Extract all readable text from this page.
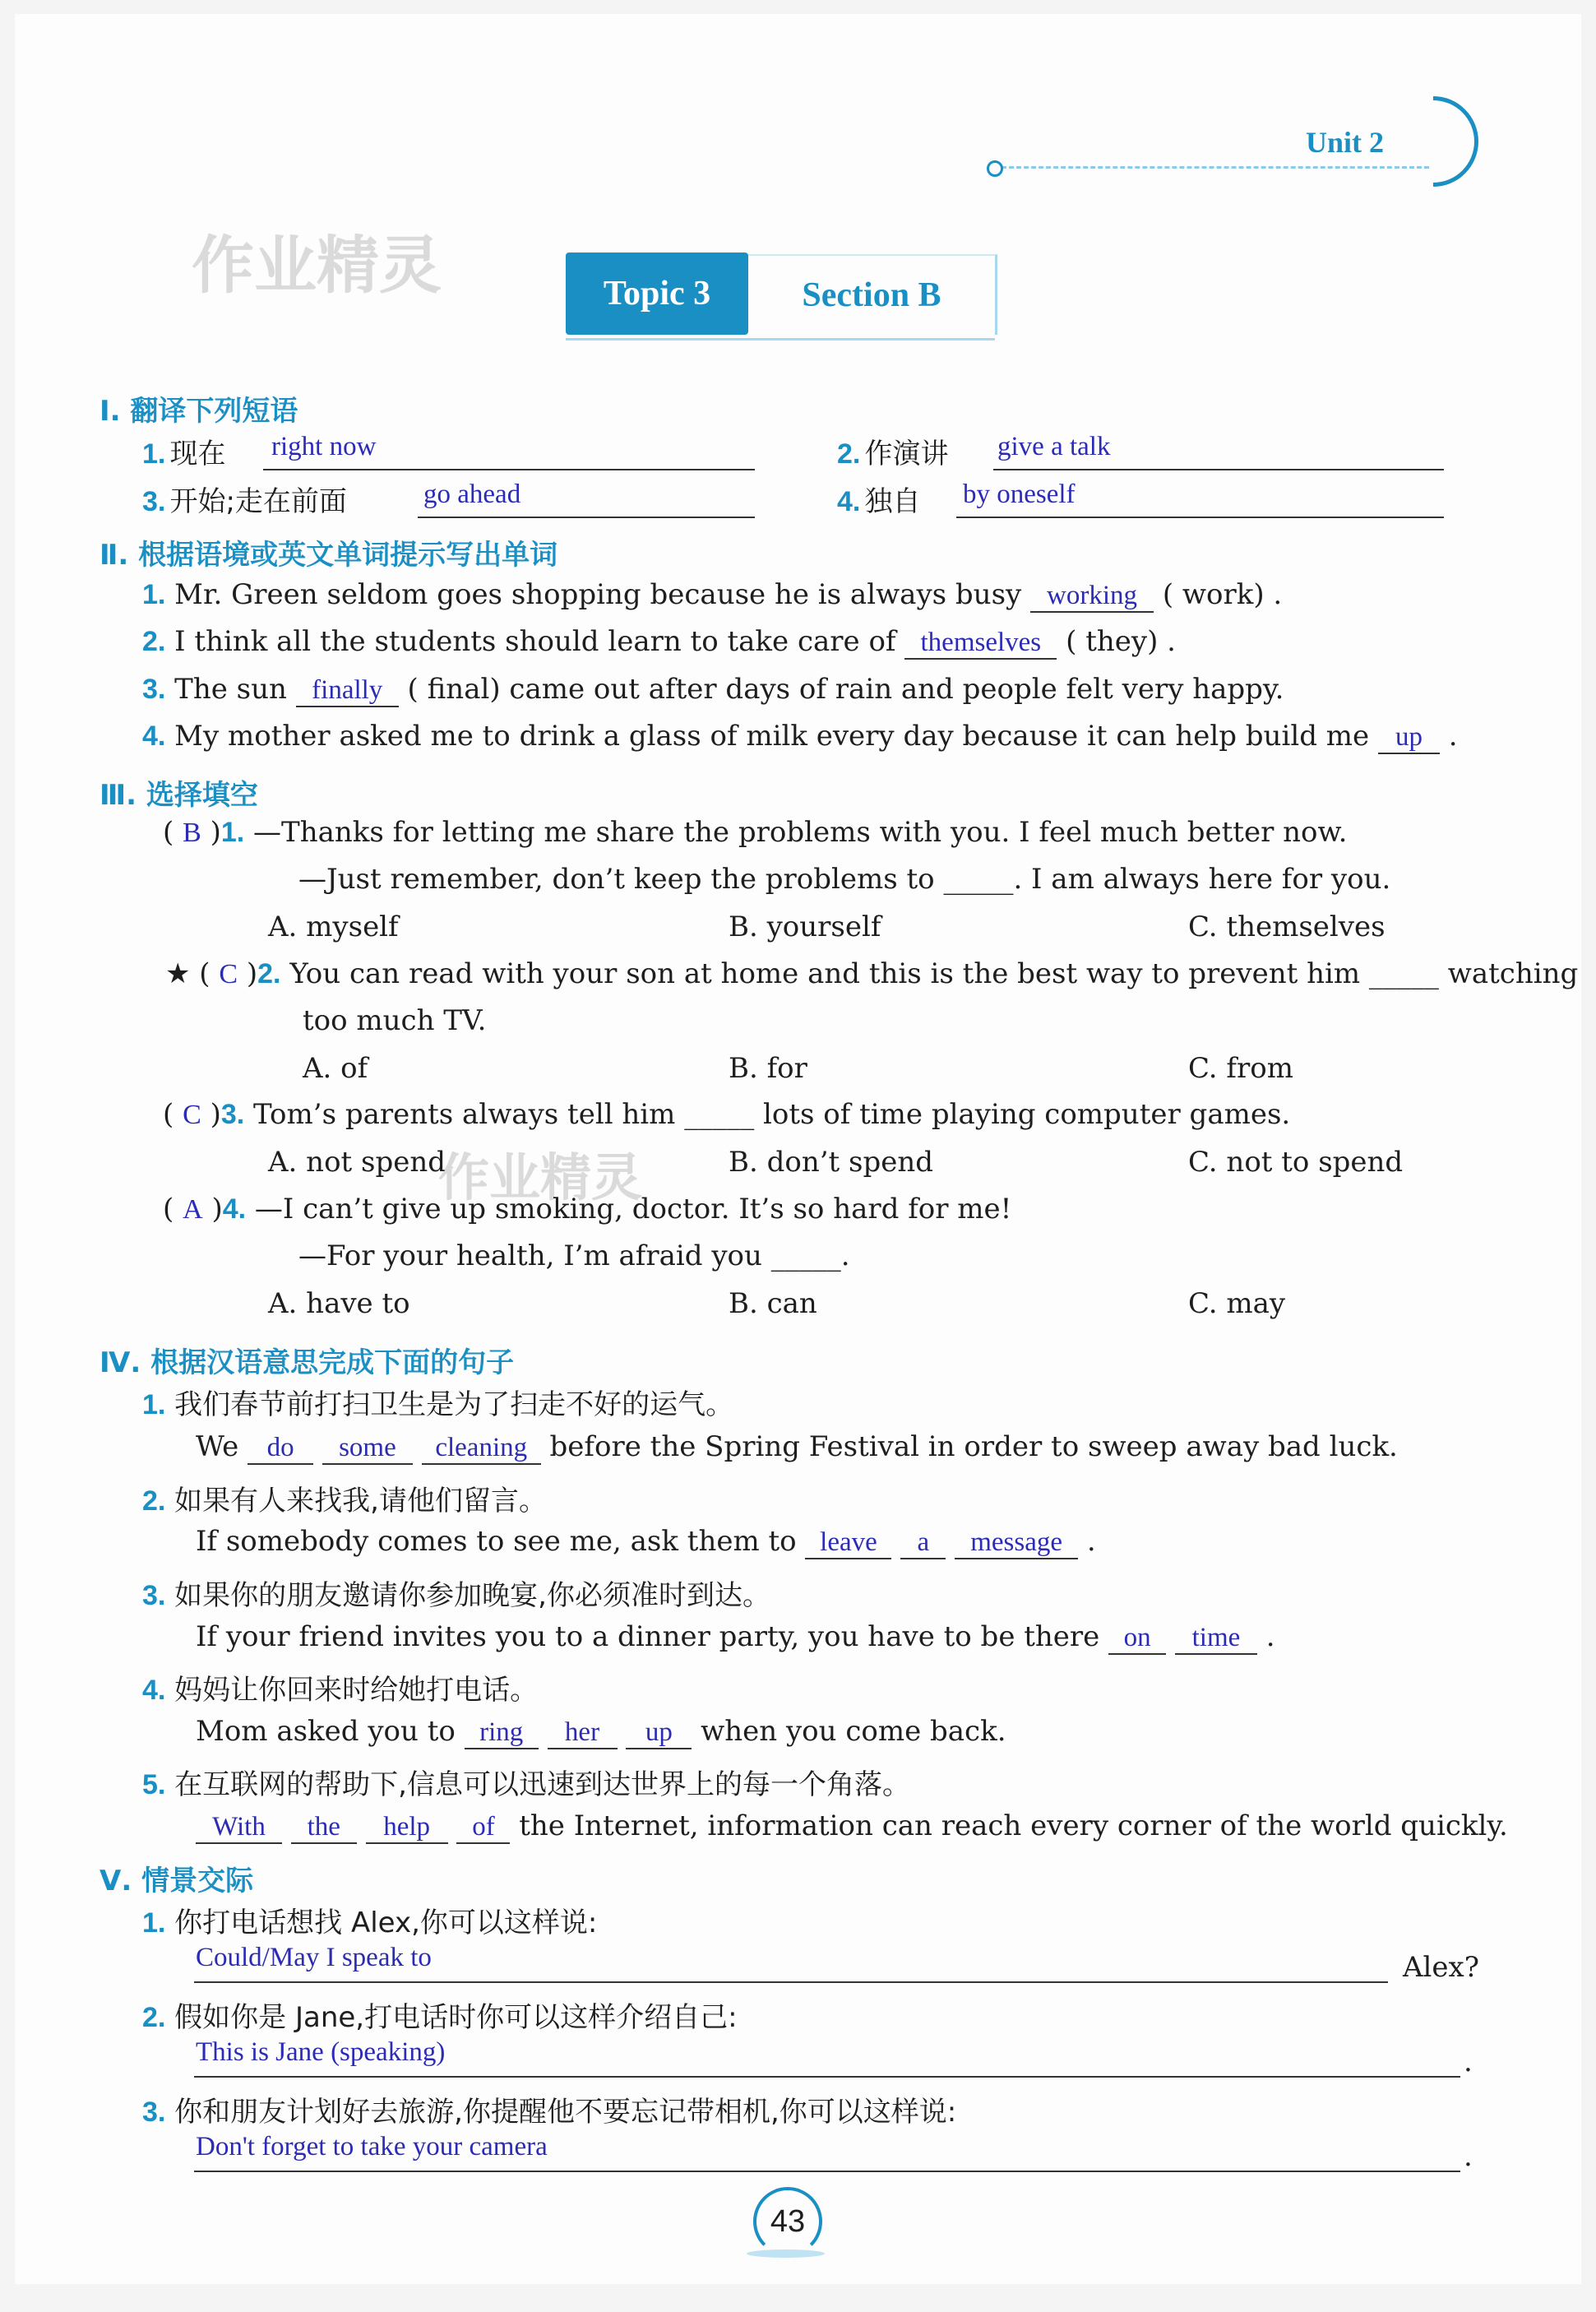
Unit 2
作业精灵	Topic 3	Section B
Ⅰ. 翻译下列短语
1. 现在 right now	2. 作演讲 give a talk
3. 开始;走在前面	go ahead	4. 独自 by oneself
Ⅱ. 根据语境或英文单词提示写出单词
1. Mr. Green seldom goes shopping because he is always busy working ( work) .
2. I think all the students should learn to take care of themselves ( they) .
3. The sun finally ( final) came out after days of rain and people felt very happy.
4. My mother asked me to drink a glass of milk every day because it can help build me up .
Ⅲ. 选择填空
( B )1. —Thanks for letting me share the problems with you. I feel much better now.
—Just remember, don’t keep the problems to _____. I am always here for you.
A. myself	B. yourself	C. themselves
★ ( C )2. You can read with your son at home and this is the best way to prevent him _____ watching
too much TV.
A. of	B. for	C. from
( C )3. Tom’s parents always tell him _____ lots of time playing computer games.
A. not spend	B. don’t spend	C. not to spend
作业精灵
( A )4. —I can’t give up smoking, doctor. It’s so hard for me!
—For your health, I’m afraid you _____.
A. have to	B. can	C. may
Ⅳ. 根据汉语意思完成下面的句子
1. 我们春节前打扫卫生是为了扫走不好的运气。
We do some cleaning before the Spring Festival in order to sweep away bad luck.
2. 如果有人来找我,请他们留言。
If somebody comes to see me, ask them to leave a message .
3. 如果你的朋友邀请你参加晚宴,你必须准时到达。
If your friend invites you to a dinner party, you have to be there on time .
4. 妈妈让你回来时给她打电话。
Mom asked you to ring her up when you come back.
5. 在互联网的帮助下,信息可以迅速到达世界上的每一个角落。
With the help of the Internet, information can reach every corner of the world quickly.
Ⅴ. 情景交际
1. 你打电话想找 Alex,你可以这样说:
Could/May I speak to	Alex?
2. 假如你是 Jane,打电话时你可以这样介绍自己:
This is Jane (speaking)	.
3. 你和朋友计划好去旅游,你提醒他不要忘记带相机,你可以这样说:
Don't forget to take your camera	.
43
